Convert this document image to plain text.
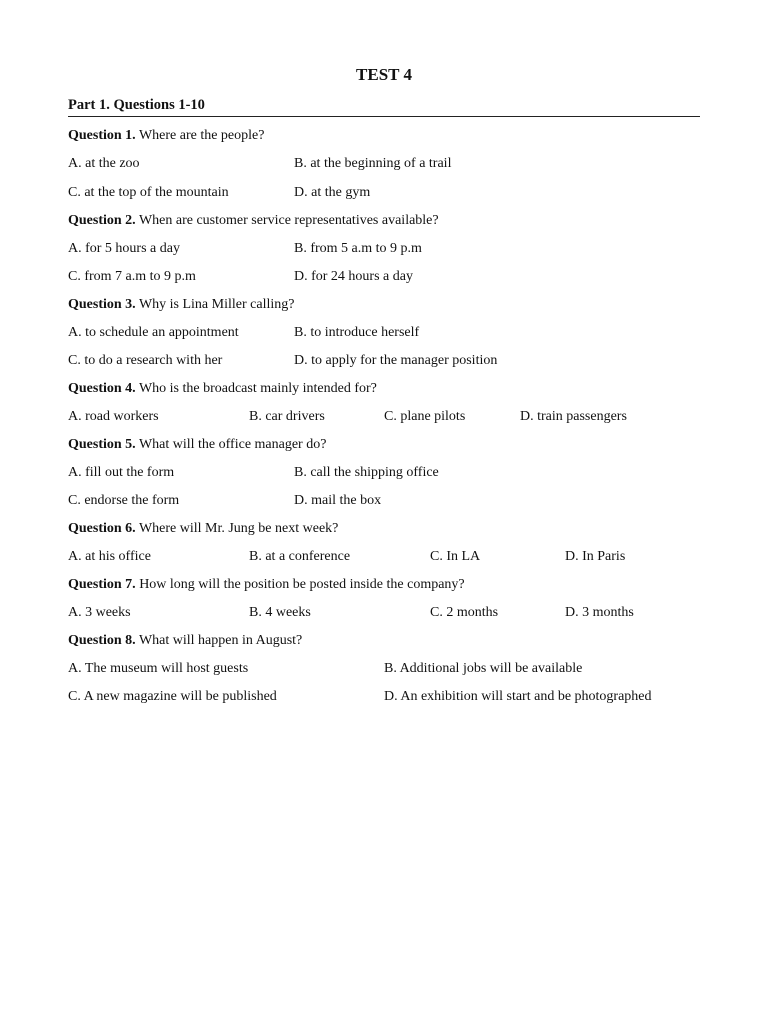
TEST 4
Part 1. Questions 1-10
Question 1. Where are the people?
A. at the zoo	B. at the beginning of a trail
C. at the top of the mountain	D. at the gym
Question 2. When are customer service representatives available?
A. for 5 hours a day	B. from 5 a.m to 9 p.m
C. from 7 a.m to 9 p.m	D. for 24 hours a day
Question 3. Why is Lina Miller calling?
A. to schedule an appointment	B. to introduce herself
C. to do a research with her	D. to apply for the manager position
Question 4. Who is the broadcast mainly intended for?
A. road workers	B. car drivers	C. plane pilots	D. train passengers
Question 5. What will the office manager do?
A. fill out the form	B. call the shipping office
C. endorse the form	D. mail the box
Question 6. Where will Mr. Jung be next week?
A. at his office	B. at a conference	C. In LA	D. In Paris
Question 7. How long will the position be posted inside the company?
A. 3 weeks	B. 4 weeks	C. 2 months	D. 3 months
Question 8. What will happen in August?
A. The museum will host guests	B. Additional jobs will be available
C. A new magazine will be published	D. An exhibition will start and be photographed
